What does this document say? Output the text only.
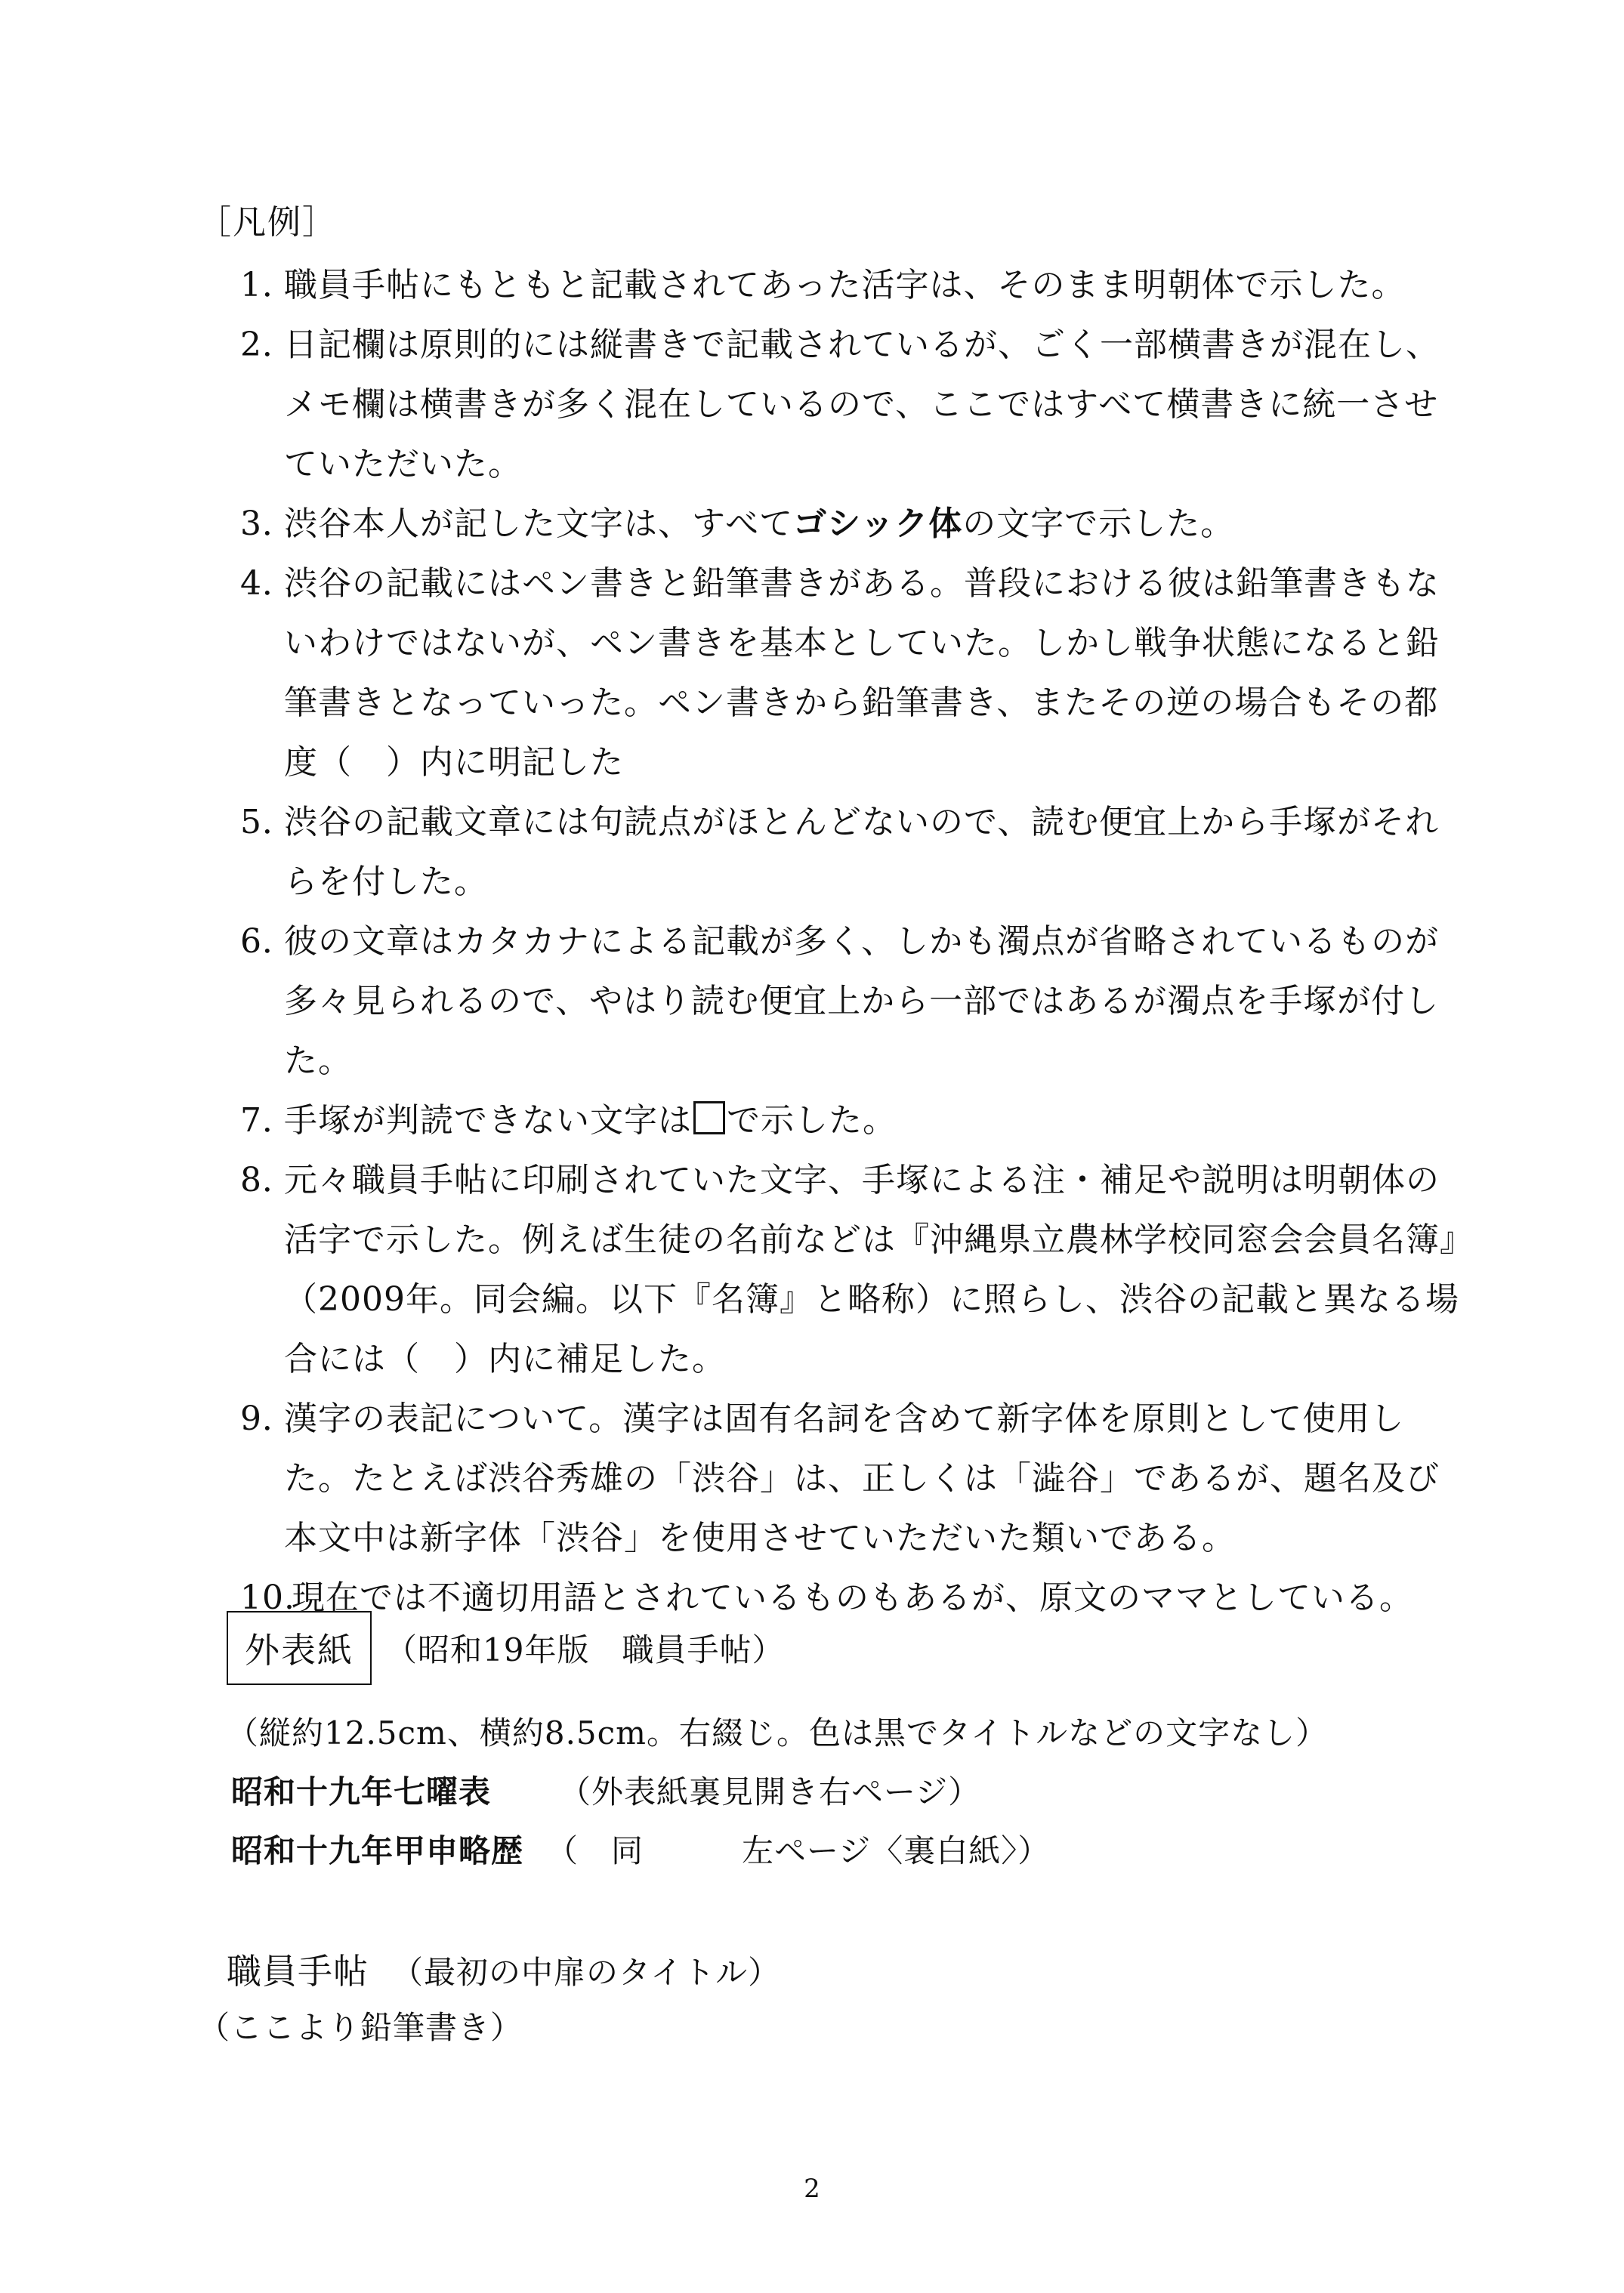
［凡例］
1．
職員手帖にもともと記載されてあった活字は、そのまま明朝体で示した。
2．
日記欄は原則的には縦書きで記載されているが、ごく一部横書きが混在し、メモ欄は横書きが多く混在しているので、ここではすべて横書きに統一させていただいた。
3．
渋谷本人が記した文字は、すべてゴシック体の文字で示した。
4．
渋谷の記載にはペン書きと鉛筆書きがある。普段における彼は鉛筆書きもないわけではないが、ペン書きを基本としていた。しかし戦争状態になると鉛筆書きとなっていった。ペン書きから鉛筆書き、またその逆の場合もその都度（　）内に明記した
5．
渋谷の記載文章には句読点がほとんどないので、読む便宜上から手塚がそれらを付した。
6．
彼の文章はカタカナによる記載が多く、しかも濁点が省略されているものが多々見られるので、やはり読む便宜上から一部ではあるが濁点を手塚が付した。
7．
手塚が判読できない文字は で示した。
8．
元々職員手帖に印刷されていた文字、手塚による注・補足や説明は明朝体の活字で示した。例えば生徒の名前などは『沖縄県立農林学校同窓会会員名簿』（2009年。同会編。以下『名簿』と略称）に照らし、渋谷の記載と異なる場合には（　）内に補足した。
9．
漢字の表記について。漢字は固有名詞を含めて新字体を原則として使用した。たとえば渋谷秀雄の「渋谷」は、正しくは「澁谷」であるが、題名及び本文中は新字体「渋谷」を使用させていただいた類いである。
10.
現在では不適切用語とされているものもあるが、原文のママとしている。
外表紙	（昭和19年版　職員手帖）
（縦約12.5cm、横約8.5cm。右綴じ。色は黒でタイトルなどの文字なし）
昭和十九年七曜表 （外表紙裏見開き右ページ）
昭和十九年甲申略歴 （　同	左ページ〈裏白紙〉）
職員手帖 （最初の中扉のタイトル）
（ここより鉛筆書き）
2
